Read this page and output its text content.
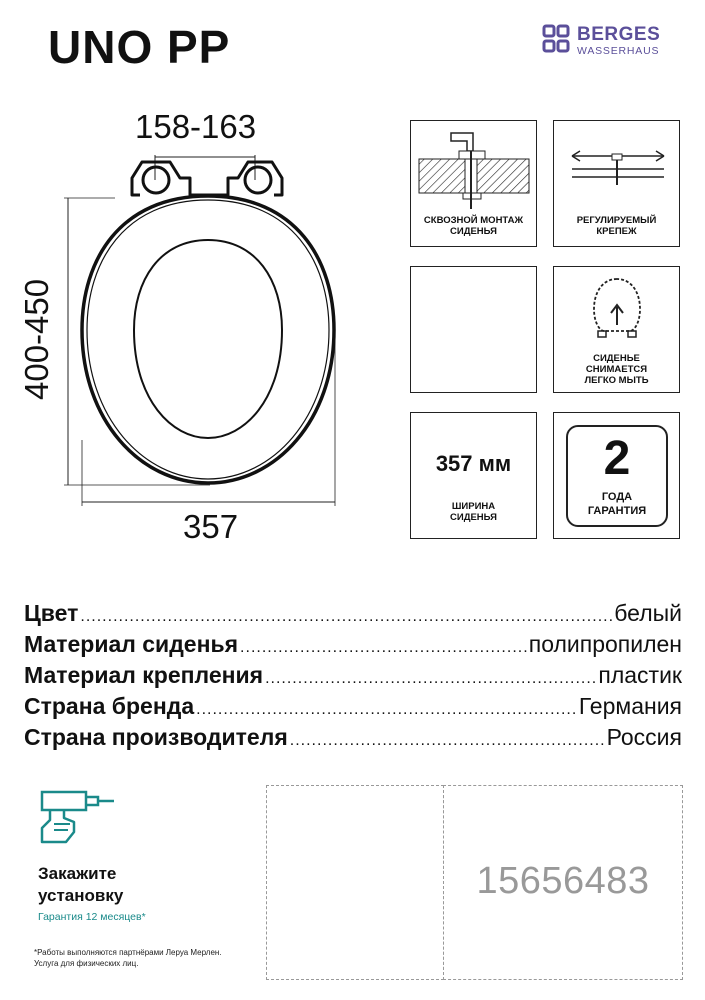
UNO PP	BERGES
WASSERHAUS
158-163
400-450
357
СКВОЗНОЙ МОНТАЖ СИДЕНЬЯ
РЕГУЛИРУЕМЫЙ КРЕПЕЖ
СИДЕНЬЕ
СНИМАЕТСЯ
ЛЕГКО МЫТЬ
357 мм
ШИРИНА
СИДЕНЬЯ
2
ГОДА
ГАРАНТИЯ
Цвет .....	белый
Материал сиденья .....	полипропилен
Материал крепления .....	пластик
Страна бренда .....	Германия
Страна производителя .....	Россия
Закажите
установку
Гарантия 12 месяцев*
*Работы выполняются партнёрами Леруа Мерлен.
Услуга для физических лиц.
15656483
